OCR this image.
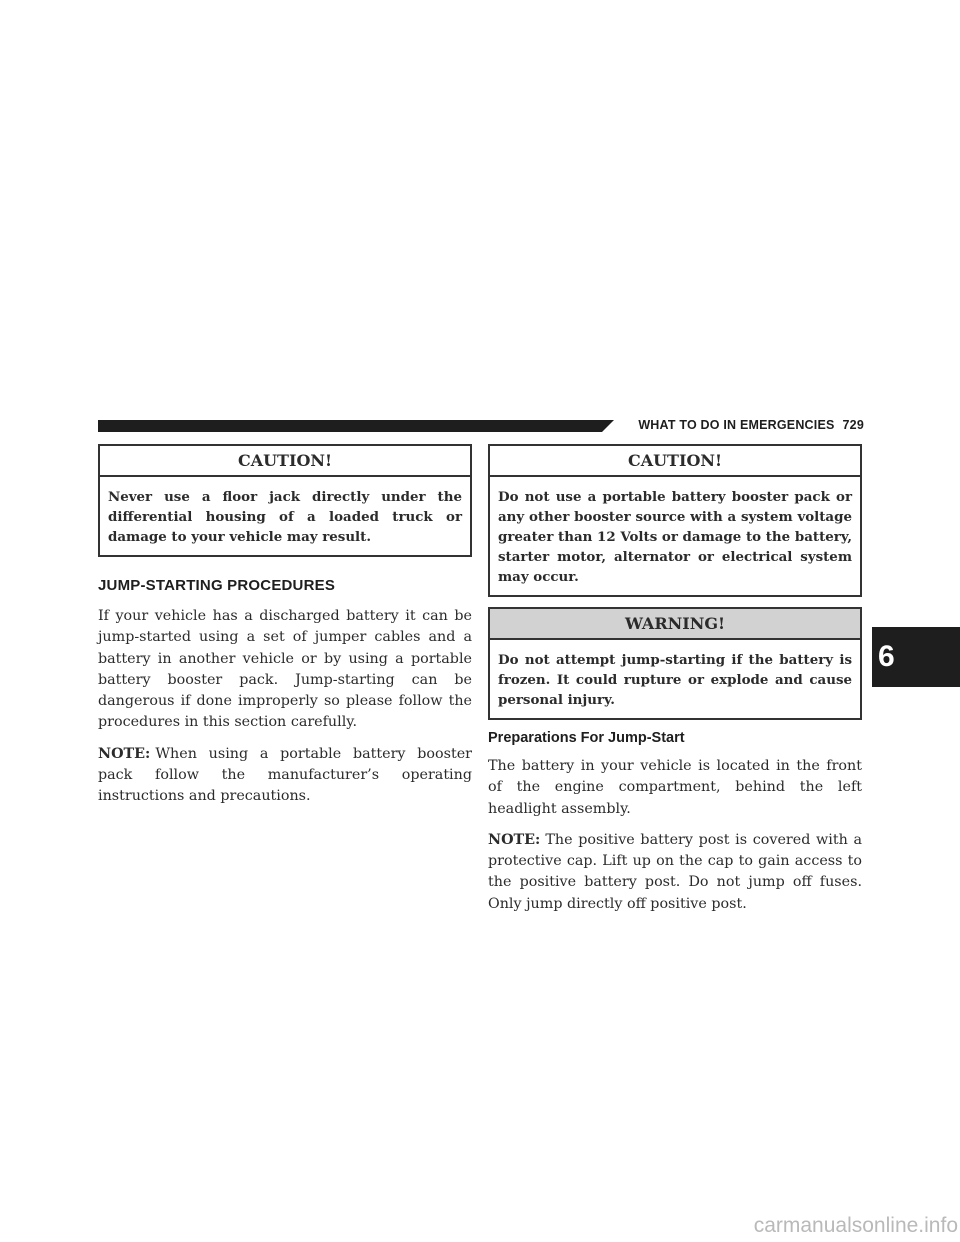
WHAT TO DO IN EMERGENCIES 729
CAUTION!
Never use a floor jack directly under the differential housing of a loaded truck or damage to your vehicle may result.
JUMP-STARTING PROCEDURES

If your vehicle has a discharged battery it can be jump-started using a set of jumper cables and a battery in another vehicle or by using a portable battery booster pack. Jump-starting can be dangerous if done improperly so please follow the procedures in this section carefully.

NOTE: When using a portable battery booster pack follow the manufacturer’s operating instructions and precautions.

CAUTION!
Do not use a portable battery booster pack or any other booster source with a system voltage greater than 12 Volts or damage to the battery, starter motor, alternator or electrical system may occur.
WARNING!
Do not attempt jump-starting if the battery is frozen. It could rupture or explode and cause personal injury.
Preparations For Jump-Start

The battery in your vehicle is located in the front of the engine compartment, behind the left headlight assembly.

NOTE: The positive battery post is covered with a protective cap. Lift up on the cap to gain access to the positive battery post. Do not jump off fuses. Only jump directly off positive post.

6
carmanualsonline.info
